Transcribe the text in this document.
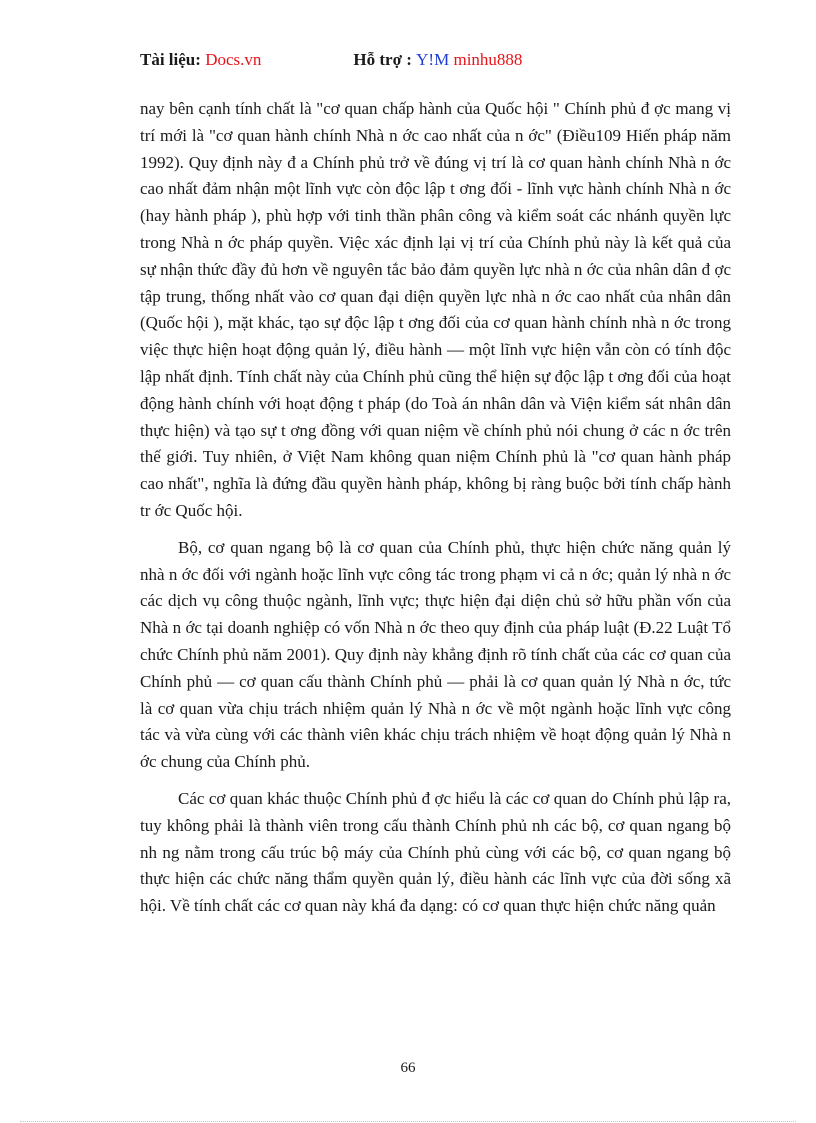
Tài liệu: Docs.vn	Hỗ trợ : Y!M minhu888

nay bên cạnh tính chất là "cơ quan chấp hành của Quốc hội " Chính phủ đ ợc mang vị trí mới là "cơ quan hành chính Nhà n ớc cao nhất của n ớc" (Điều109 Hiến pháp năm 1992). Quy định này đ a Chính phủ trở về đúng vị trí là cơ quan hành chính Nhà n ớc cao nhất đảm nhận một lĩnh vực còn độc lập t ơng đối - lĩnh vực hành chính Nhà n ớc (hay hành pháp ), phù hợp với tinh thần phân công và kiểm soát các nhánh quyền lực trong Nhà n ớc pháp quyền. Việc xác định lại vị trí của Chính phủ này là kết quả của sự nhận thức đầy đủ hơn về nguyên tắc bảo đảm quyền lực nhà n ớc của nhân dân đ ợc tập trung, thống nhất vào cơ quan đại diện quyền lực nhà n ớc cao nhất của nhân dân (Quốc hội ), mặt khác, tạo sự độc lập t ơng đối của cơ quan hành chính nhà n ớc trong việc thực hiện hoạt động quản lý, điều hành — một lĩnh vực hiện vẫn còn có tính độc lập nhất định. Tính chất này của Chính phủ cũng thể hiện sự độc lập t ơng đối của hoạt động hành chính với hoạt động t pháp (do Toà án nhân dân và Viện kiểm sát nhân dân thực hiện) và tạo sự t ơng đồng với quan niệm về chính phủ nói chung ở các n ớc trên thế giới. Tuy nhiên, ở Việt Nam không quan niệm Chính phủ là "cơ quan hành pháp cao nhất", nghĩa là đứng đầu quyền hành pháp, không bị ràng buộc bởi tính chấp hành tr ớc Quốc hội.

Bộ, cơ quan ngang bộ là cơ quan của Chính phủ, thực hiện chức năng quản lý nhà n ớc đối với ngành hoặc lĩnh vực công tác trong phạm vi cả n ớc; quản lý nhà n ớc các dịch vụ công thuộc ngành, lĩnh vực; thực hiện đại diện chủ sở hữu phần vốn của Nhà n ớc tại doanh nghiệp có vốn Nhà n ớc theo quy định của pháp luật (Đ.22 Luật Tổ chức Chính phủ năm 2001). Quy định này khẳng định rõ tính chất của các cơ quan của Chính phủ — cơ quan cấu thành Chính phủ — phải là cơ quan quản lý Nhà n ớc, tức là cơ quan vừa chịu trách nhiệm quản lý Nhà n ớc về một ngành hoặc lĩnh vực công tác và vừa cùng với các thành viên khác chịu trách nhiệm về hoạt động quản lý Nhà n ớc chung của Chính phủ.

Các cơ quan khác thuộc Chính phủ đ ợc hiểu là các cơ quan do Chính phủ lập ra, tuy không phải là thành viên trong cấu thành Chính phủ nh các bộ, cơ quan ngang bộ nh ng nằm trong cấu trúc bộ máy của Chính phủ cùng với các bộ, cơ quan ngang bộ thực hiện các chức năng thẩm quyền quản lý, điều hành các lĩnh vực của đời sống xã hội. Về tính chất các cơ quan này khá đa dạng: có cơ quan thực hiện chức năng quản

66
